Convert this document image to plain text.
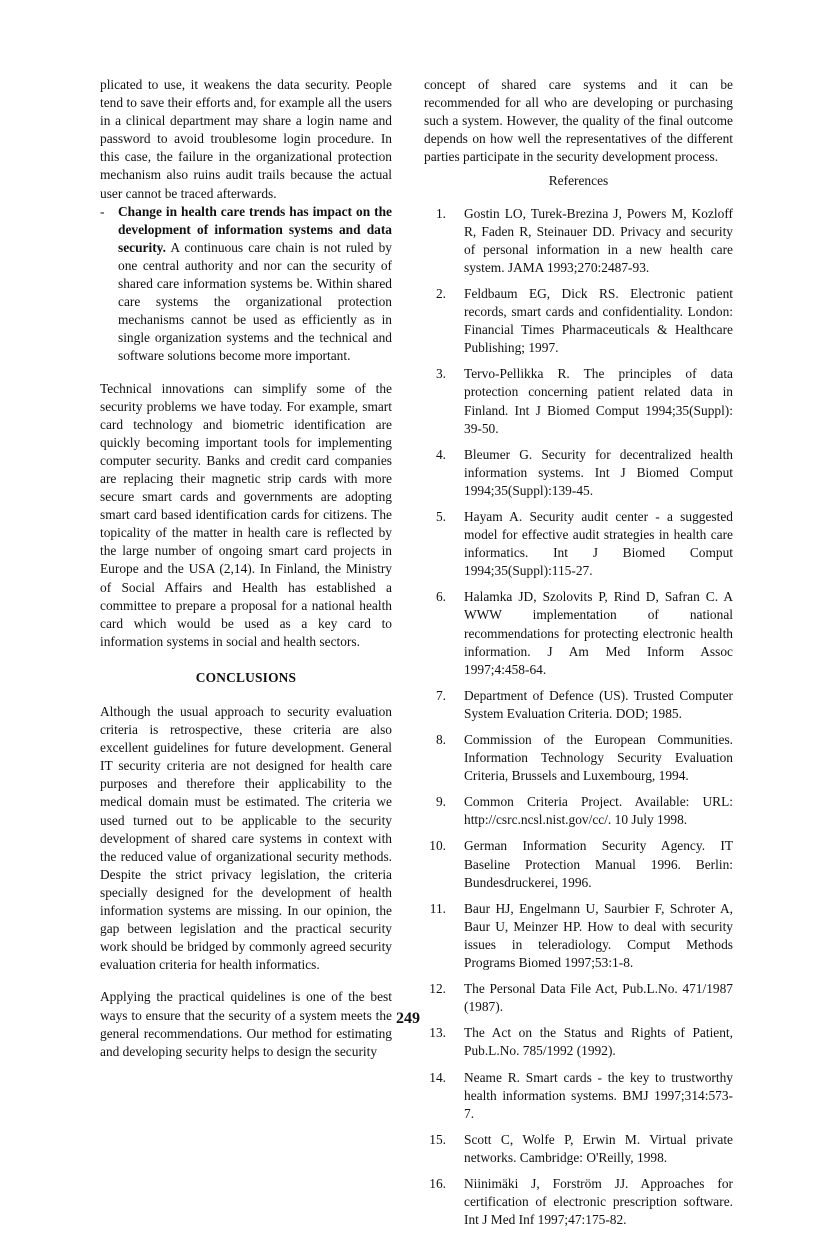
plicated to use, it weakens the data security. People tend to save their efforts and, for example all the users in a clinical department may share a login name and password to avoid troublesome login procedure. In this case, the failure in the organizational protection mechanism also ruins audit trails because the actual user cannot be traced afterwards.

-	Change in health care trends has impact on the development of information systems and data security. A continuous care chain is not ruled by one central authority and nor can the security of shared care information systems be. Within shared care systems the organizational protection mechanisms cannot be used as efficiently as in single organization systems and the technical and software solutions become more important.

Technical innovations can simplify some of the security problems we have today. For example, smart card technology and biometric identification are quickly becoming important tools for implementing computer security. Banks and credit card companies are replacing their magnetic strip cards with more secure smart cards and governments are adopting smart card based identification cards for citizens. The topicality of the matter in health care is reflected by the large number of ongoing smart card projects in Europe and the USA (2,14). In Finland, the Ministry of Social Affairs and Health has established a committee to prepare a proposal for a national health card which would be used as a key card to information systems in social and health sectors.

CONCLUSIONS

Although the usual approach to security evaluation criteria is retrospective, these criteria are also excellent guidelines for future development. General IT security criteria are not designed for health care purposes and therefore their applicability to the medical domain must be estimated. The criteria we used turned out to be applicable to the security development of shared care systems in context with the reduced value of organizational security methods. Despite the strict privacy legislation, the criteria specially designed for the development of health information systems are missing. In our opinion, the gap between legislation and the practical security work should be bridged by commonly agreed security evaluation criteria for health informatics.

Applying the practical quidelines is one of the best ways to ensure that the security of a system meets the general recommendations. Our method for estimating and developing security helps to design the security

concept of shared care systems and it can be recommended for all who are developing or purchasing such a system. However, the quality of the final outcome depends on how well the representatives of the different parties participate in the security development process.

References
1.	Gostin LO, Turek-Brezina J, Powers M, Kozloff R, Faden R, Steinauer DD. Privacy and security of personal information in a new health care system. JAMA 1993;270:2487-93.
2.	Feldbaum EG, Dick RS. Electronic patient records, smart cards and confidentiality. London: Financial Times Pharmaceuticals & Healthcare Publishing; 1997.
3.	Tervo-Pellikka R. The principles of data protection concerning patient related data in Finland. Int J Biomed Comput 1994;35(Suppl): 39-50.
4.	Bleumer G. Security for decentralized health information systems. Int J Biomed Comput 1994;35(Suppl):139-45.
5.	Hayam A. Security audit center - a suggested model for effective audit strategies in health care informatics. Int J Biomed Comput 1994;35(Suppl):115-27.
6.	Halamka JD, Szolovits P, Rind D, Safran C. A WWW implementation of national recommendations for protecting electronic health information. J Am Med Inform Assoc 1997;4:458-64.
7.	Department of Defence (US). Trusted Computer System Evaluation Criteria. DOD; 1985.
8.	Commission of the European Communities. Information Technology Security Evaluation Criteria, Brussels and Luxembourg, 1994.
9.	Common Criteria Project. Available: URL: http://csrc.ncsl.nist.gov/cc/. 10 July 1998.
10.	German Information Security Agency. IT Baseline Protection Manual 1996. Berlin: Bundesdruckerei, 1996.
11.	Baur HJ, Engelmann U, Saurbier F, Schroter A, Baur U, Meinzer HP. How to deal with security issues in teleradiology. Comput Methods Programs Biomed 1997;53:1-8.
12.	The Personal Data File Act, Pub.L.No. 471/1987 (1987).
13.	The Act on the Status and Rights of Patient, Pub.L.No. 785/1992 (1992).
14.	Neame R. Smart cards - the key to trustworthy health information systems. BMJ 1997;314:573-7.
15.	Scott C, Wolfe P, Erwin M. Virtual private networks. Cambridge: O'Reilly, 1998.
16.	Niinimäki J, Forström JJ. Approaches for certification of electronic prescription software. Int J Med Inf 1997;47:175-82.
249
